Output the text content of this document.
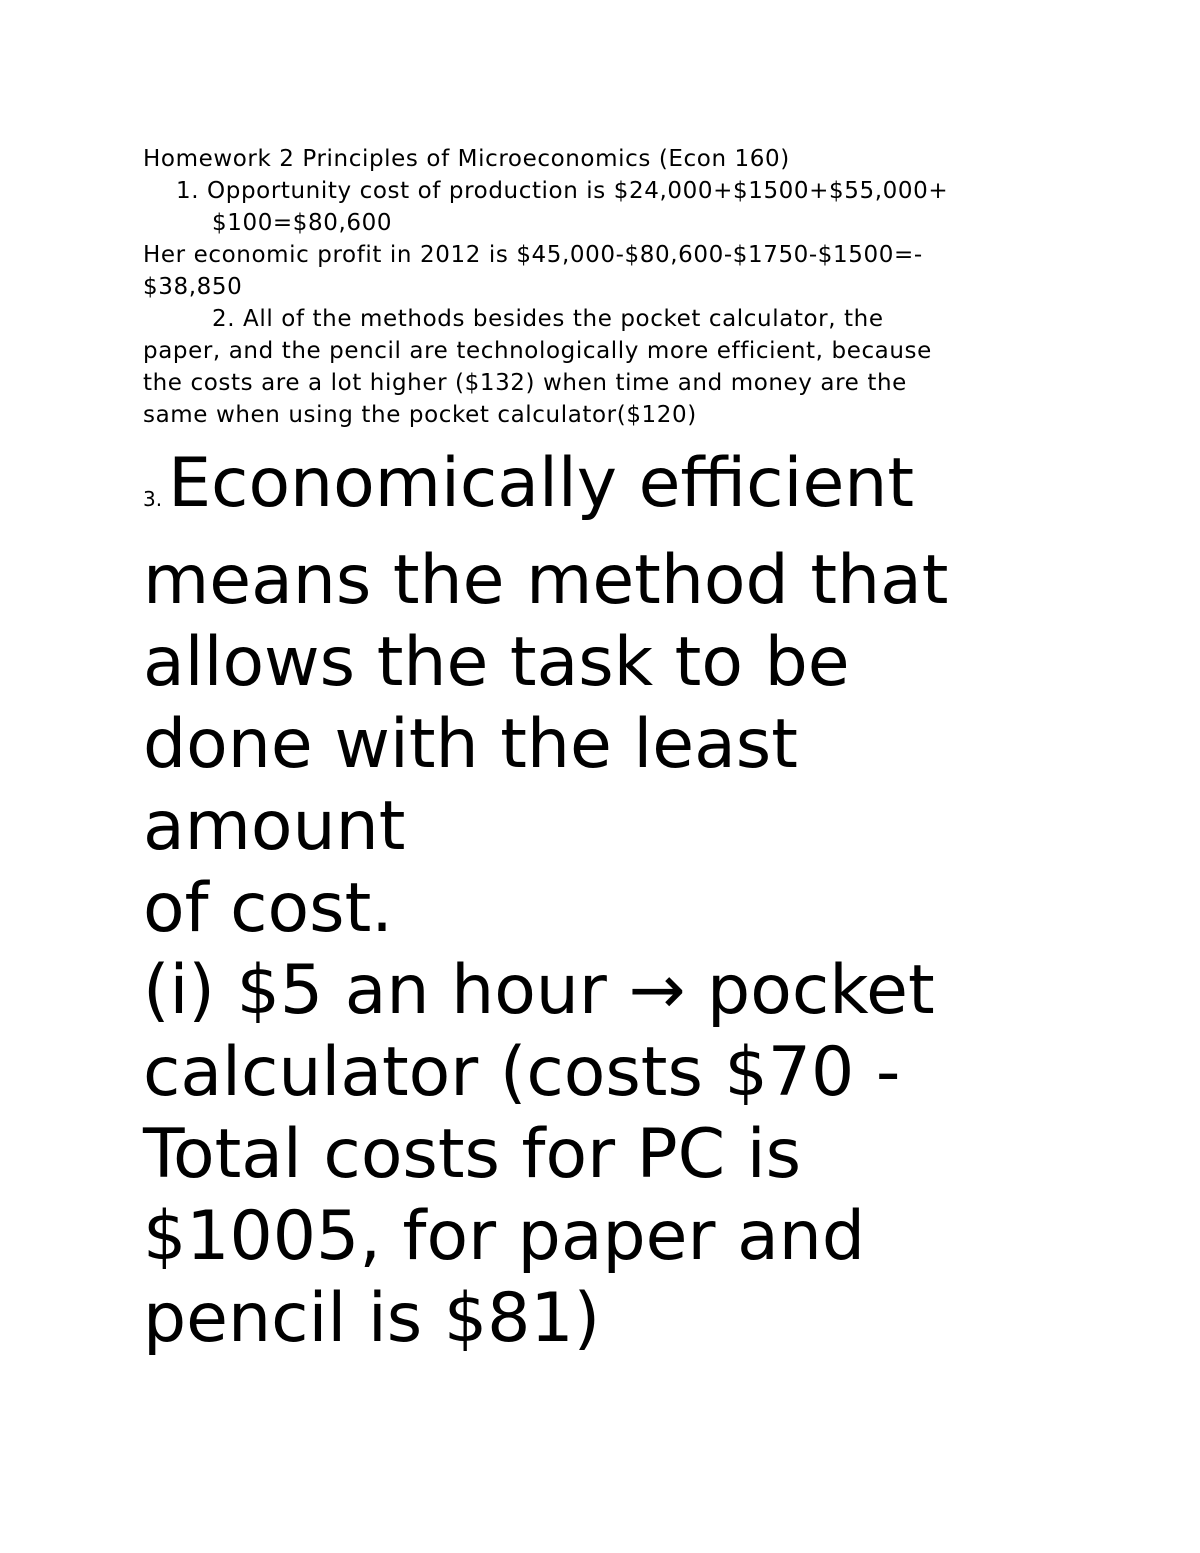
Homework 2 Principles of Microeconomics (Econ 160)
1. Opportunity cost of production is $24,000+$1500+$55,000+
$100=$80,600
Her economic profit in 2012 is $45,000-$80,600-$1750-$1500=-
$38,850
2. All of the methods besides the pocket calculator, the
paper, and the pencil are technologically more efficient, because
the costs are a lot higher ($132) when time and money are the
same when using the pocket calculator($120)
3.Economically efficient
means the method that
allows the task to be
done with the least
amount
of cost.
(i) $5 an hour → pocket
calculator (costs $70 -
Total costs for PC is
$1005, for paper and
pencil is $81)
